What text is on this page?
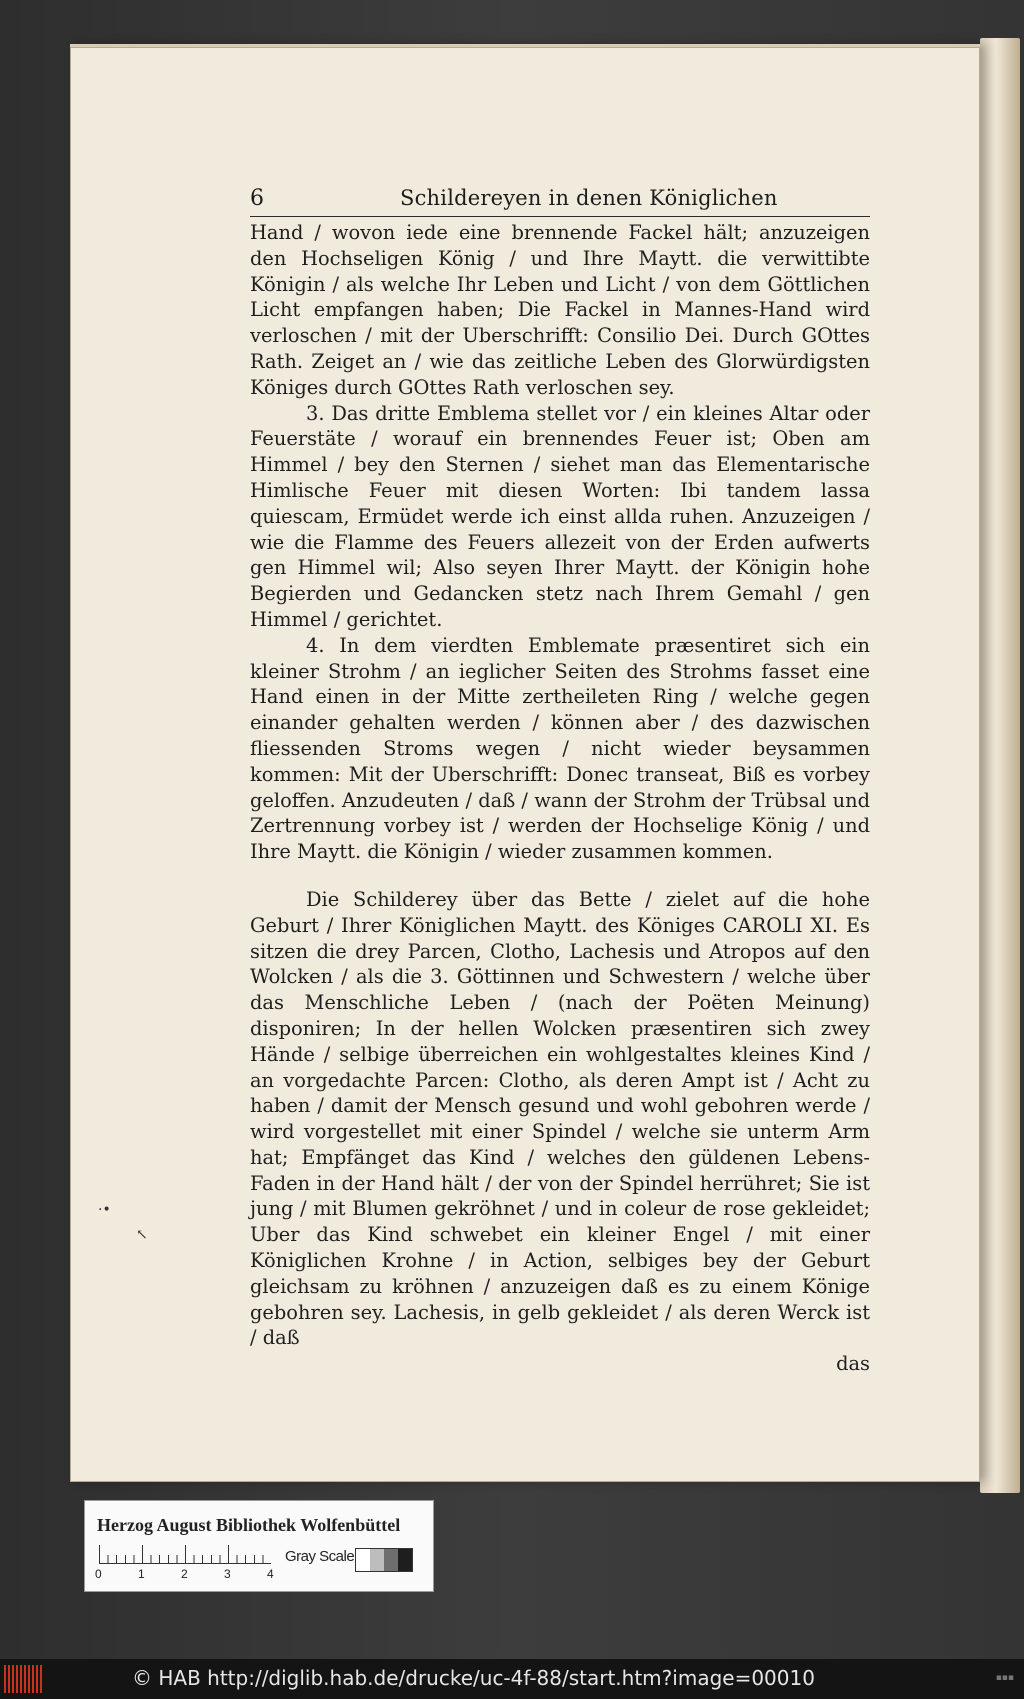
·•
↖
6	Schildereyen in denen Königlichen

Hand / wovon iede eine brennende Fackel hält; anzuzeigen den Hochseligen König / und Ihre Maytt. die verwittibte Königin / als welche Ihr Leben und Licht / von dem Göttlichen Licht empfangen haben; Die Fackel in Mannes-Hand wird verloschen / mit der Uberschrifft: Consilio Dei. Durch GOttes Rath. Zeiget an / wie das zeitliche Leben des Glorwürdigsten Königes durch GOttes Rath verloschen sey.

3. Das dritte Emblema stellet vor / ein kleines Altar oder Feuerstäte / worauf ein brennendes Feuer ist; Oben am Himmel / bey den Sternen / siehet man das Elementarische Himlische Feuer mit diesen Worten: Ibi tandem lassa quiescam, Ermüdet werde ich einst allda ruhen. Anzuzeigen / wie die Flamme des Feuers allezeit von der Erden aufwerts gen Himmel wil; Also seyen Ihrer Maytt. der Königin hohe Begierden und Gedancken stetz nach Ihrem Gemahl / gen Himmel / gerichtet.

4. In dem vierdten Emblemate præsentiret sich ein kleiner Strohm / an ieglicher Seiten des Strohms fasset eine Hand einen in der Mitte zertheileten Ring / welche gegen einander gehalten werden / können aber / des dazwischen fliessenden Stroms wegen / nicht wieder beysammen kommen: Mit der Uberschrifft: Donec transeat, Biß es vorbey geloffen. Anzudeuten / daß / wann der Strohm der Trübsal und Zertrennung vorbey ist / werden der Hochselige König / und Ihre Maytt. die Königin / wieder zusammen kommen.

Die Schilderey über das Bette / zielet auf die hohe Geburt / Ihrer Königlichen Maytt. des Königes CAROLI XI. Es sitzen die drey Parcen, Clotho, Lachesis und Atropos auf den Wolcken / als die 3. Göttinnen und Schwestern / welche über das Menschliche Leben / (nach der Poëten Meinung) disponiren; In der hellen Wolcken præsentiren sich zwey Hände / selbige überreichen ein wohlgestaltes kleines Kind / an vorgedachte Parcen: Clotho, als deren Ampt ist / Acht zu haben / damit der Mensch gesund und wohl gebohren werde / wird vorgestellet mit einer Spindel / welche sie unterm Arm hat; Empfänget das Kind / welches den güldenen Lebens-Faden in der Hand hält / der von der Spindel herrühret; Sie ist jung / mit Blumen gekröhnet / und in coleur de rose gekleidet; Uber das Kind schwebet ein kleiner Engel / mit einer Königlichen Krohne / in Action, selbiges bey der Geburt gleichsam zu kröhnen / anzuzeigen daß es zu einem Könige gebohren sey. Lachesis, in gelb gekleidet / als deren Werck ist / daß

das

Herzog August Bibliothek Wolfenbüttel
0	1	2	3	4
Gray Scale
© HAB http://diglib.hab.de/drucke/uc-4f-88/start.htm?image=00010	▪▪▪
